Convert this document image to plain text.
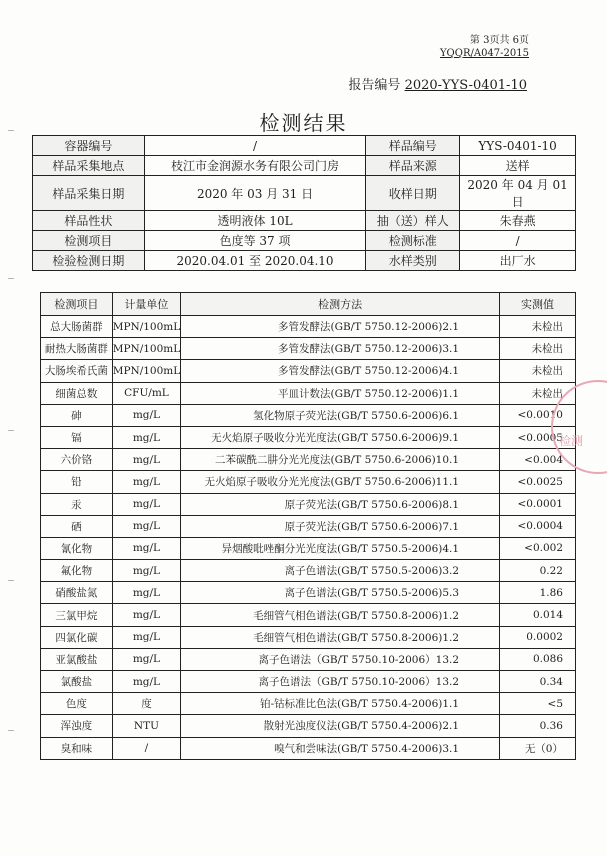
第 3页共 6页
YQQR/A047-2015
报告编号 2020-YYS-0401-10
检测结果
容器编号	/	样品编号	YYS-0401-10
样品采集地点	枝江市金润源水务有限公司门房	样品来源	送样
样品采集日期	2020 年 03 月 31 日	收样日期	2020 年 04 月 01 日
样品性状	透明液体 10L	抽（送）样人	朱春燕
检测项目	色度等 37 项	检测标准	/
检验检测日期	2020.04.01 至 2020.04.10	水样类别	出厂水
检测项目	计量单位	检测方法	实测值
总大肠菌群	MPN/100mL	多管发酵法(GB/T 5750.12-2006)2.1	未检出
耐热大肠菌群	MPN/100mL	多管发酵法(GB/T 5750.12-2006)3.1	未检出
大肠埃希氏菌	MPN/100mL	多管发酵法(GB/T 5750.12-2006)4.1	未检出
细菌总数	CFU/mL	平皿计数法(GB/T 5750.12-2006)1.1	未检出
砷	mg/L	氢化物原子荧光法(GB/T 5750.6-2006)6.1	<0.0010
镉	mg/L	无火焰原子吸收分光光度法(GB/T 5750.6-2006)9.1	<0.0005
六价铬	mg/L	二苯碳酰二肼分光光度法(GB/T 5750.6-2006)10.1	<0.004
铅	mg/L	无火焰原子吸收分光光度法(GB/T 5750.6-2006)11.1	<0.0025
汞	mg/L	原子荧光法(GB/T 5750.6-2006)8.1	<0.0001
硒	mg/L	原子荧光法(GB/T 5750.6-2006)7.1	<0.0004
氰化物	mg/L	异烟酸吡唑酮分光光度法(GB/T 5750.5-2006)4.1	<0.002
氟化物	mg/L	离子色谱法(GB/T 5750.5-2006)3.2	0.22
硝酸盐氮	mg/L	离子色谱法(GB/T 5750.5-2006)5.3	1.86
三氯甲烷	mg/L	毛细管气相色谱法(GB/T 5750.8-2006)1.2	0.014
四氯化碳	mg/L	毛细管气相色谱法(GB/T 5750.8-2006)1.2	0.0002
亚氯酸盐	mg/L	离子色谱法（GB/T 5750.10-2006）13.2	0.086
氯酸盐	mg/L	离子色谱法（GB/T 5750.10-2006）13.2	0.34
色度	度	铂-钴标准比色法(GB/T 5750.4-2006)1.1	<5
浑浊度	NTU	散射光浊度仪法(GB/T 5750.4-2006)2.1	0.36
臭和味	/	嗅气和尝味法(GB/T 5750.4-2006)3.1	无（0）
检测
